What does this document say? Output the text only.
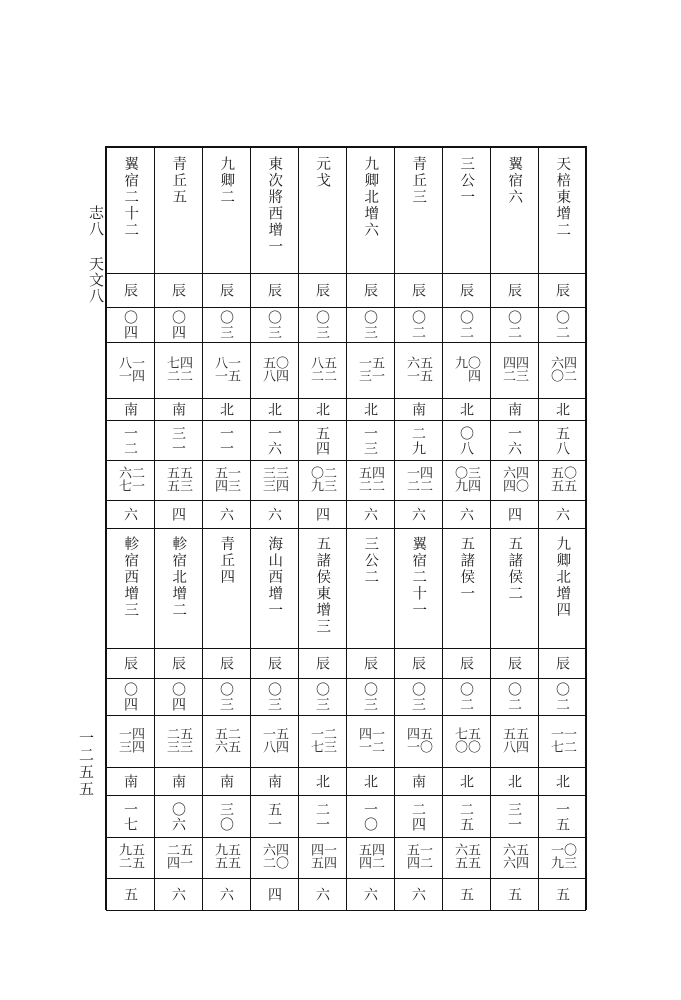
志八 天文八
一二五五
翼宿二十二
辰
〇四
一四八一
南
一二
二一六七
六
軫宿西增三
辰
〇四
四四一三
南
一七
五五九二
五
青丘五
辰
〇四
四二七二
南
三一
五三五五
四
軫宿北增二
辰
〇四
五三二三
南
〇六
五一二四
六
九卿二
辰
〇三
一五八一
北
一一
一三五四
六
青丘四
辰
〇三
二五五六
南
三〇
五五九五
六
東次將西增一
辰
〇三
〇四五八
北
一六
三四三三
六
海山西增一
辰
〇三
五四一八
南
五一
四〇六二
四
元戈
辰
〇三
五二八二
北
五四
二三〇九
四
五諸侯東增三
辰
〇三
二三一七
北
二一
一四四五
六
九卿北增六
辰
〇三
五一一三
北
一三
四二五二
六
三公二
辰
〇三
一二四一
北
一〇
四二五四
六
青丘三
辰
〇二
五五六一
南
二九
四二一二
六
翼宿二十一
辰
〇三
五〇四一
南
二四
一二五四
六
三公一
辰
〇二
〇四九
北
〇八
三四〇九
六
五諸侯一
辰
〇二
五〇七〇
北
二五
五五六五
五
翼宿六
辰
〇二
四三四二
南
一六
四〇六四
四
五諸侯二
辰
〇二
五四五八
北
三一
五四六六
五
天棓東增二
辰
〇二
四二六〇
北
五八
〇五五五
六
九卿北增四
辰
〇二
一二一七
北
一五
〇三一九
五
